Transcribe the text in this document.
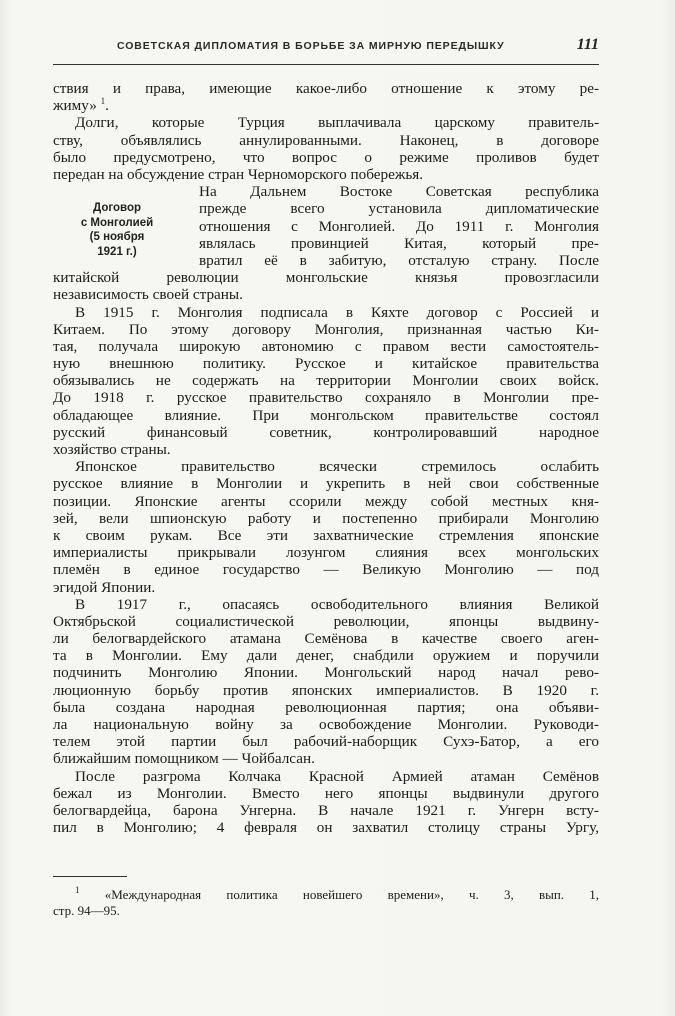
СОВЕТСКАЯ ДИПЛОМАТИЯ В БОРЬБЕ ЗА МИРНУЮ ПЕРЕДЫШКУ	111

ствия и права, имеющие какое-либо отношение к этому ре-
жиму» $^1$.

Долги, которые Турция выплачивала царскому правитель-
ству, объявлялись аннулированными. Наконец, в договоре
было предусмотрено, что вопрос о режиме проливов будет
передан на обсуждение стран Черноморского побережья.

Договор
с Монголией
(5 ноября
1921 г.)
На Дальнем Востоке Советская республика
прежде всего установила дипломатические
отношения с Монголией. До 1911 г. Монголия
являлась провинцией Китая, который пре-
вратил её в забитую, отсталую страну. После

китайской революции монгольские князья провозгласили
независимость своей страны.

В 1915 г. Монголия подписала в Кяхте договор с Россией и
Китаем. По этому договору Монголия, признанная частью Ки-
тая, получала широкую автономию с правом вести самостоятель-
ную внешнюю политику. Русское и китайское правительства
обязывались не содержать на территории Монголии своих войск.
До 1918 г. русское правительство сохраняло в Монголии пре-
обладающее влияние. При монгольском правительстве состоял
русский финансовый советник, контролировавший народное
хозяйство страны.

Японское правительство всячески стремилось ослабить
русское влияние в Монголии и укрепить в ней свои собственные
позиции. Японские агенты ссорили между собой местных кня-
зей, вели шпионскую работу и постепенно прибирали Монголию
к своим рукам. Все эти захватнические стремления японские
империалисты прикрывали лозунгом слияния всех монгольских
племён в единое государство — Великую Монголию — под
эгидой Японии.

В 1917 г., опасаясь освободительного влияния Великой
Октябрьской социалистической революции, японцы выдвину-
ли белогвардейского атамана Семёнова в качестве своего аген-
та в Монголии. Ему дали денег, снабдили оружием и поручили
подчинить Монголию Японии. Монгольский народ начал рево-
люционную борьбу против японских империалистов. В 1920 г.
была создана народная революционная партия; она объяви-
ла национальную войну за освобождение Монголии. Руководи-
телем этой партии был рабочий-наборщик Сухэ-Батор, а его
ближайшим помощником — Чойбалсан.

После разгрома Колчака Красной Армией атаман Семёнов
бежал из Монголии. Вместо него японцы выдвинули другого
белогвардейца, барона Унгерна. В начале 1921 г. Унгерн всту-
пил в Монголию; 4 февраля он захватил столицу страны Ургу,

$^1$ «Международная политика новейшего времени», ч. 3, вып. 1,
стр. 94—95.
